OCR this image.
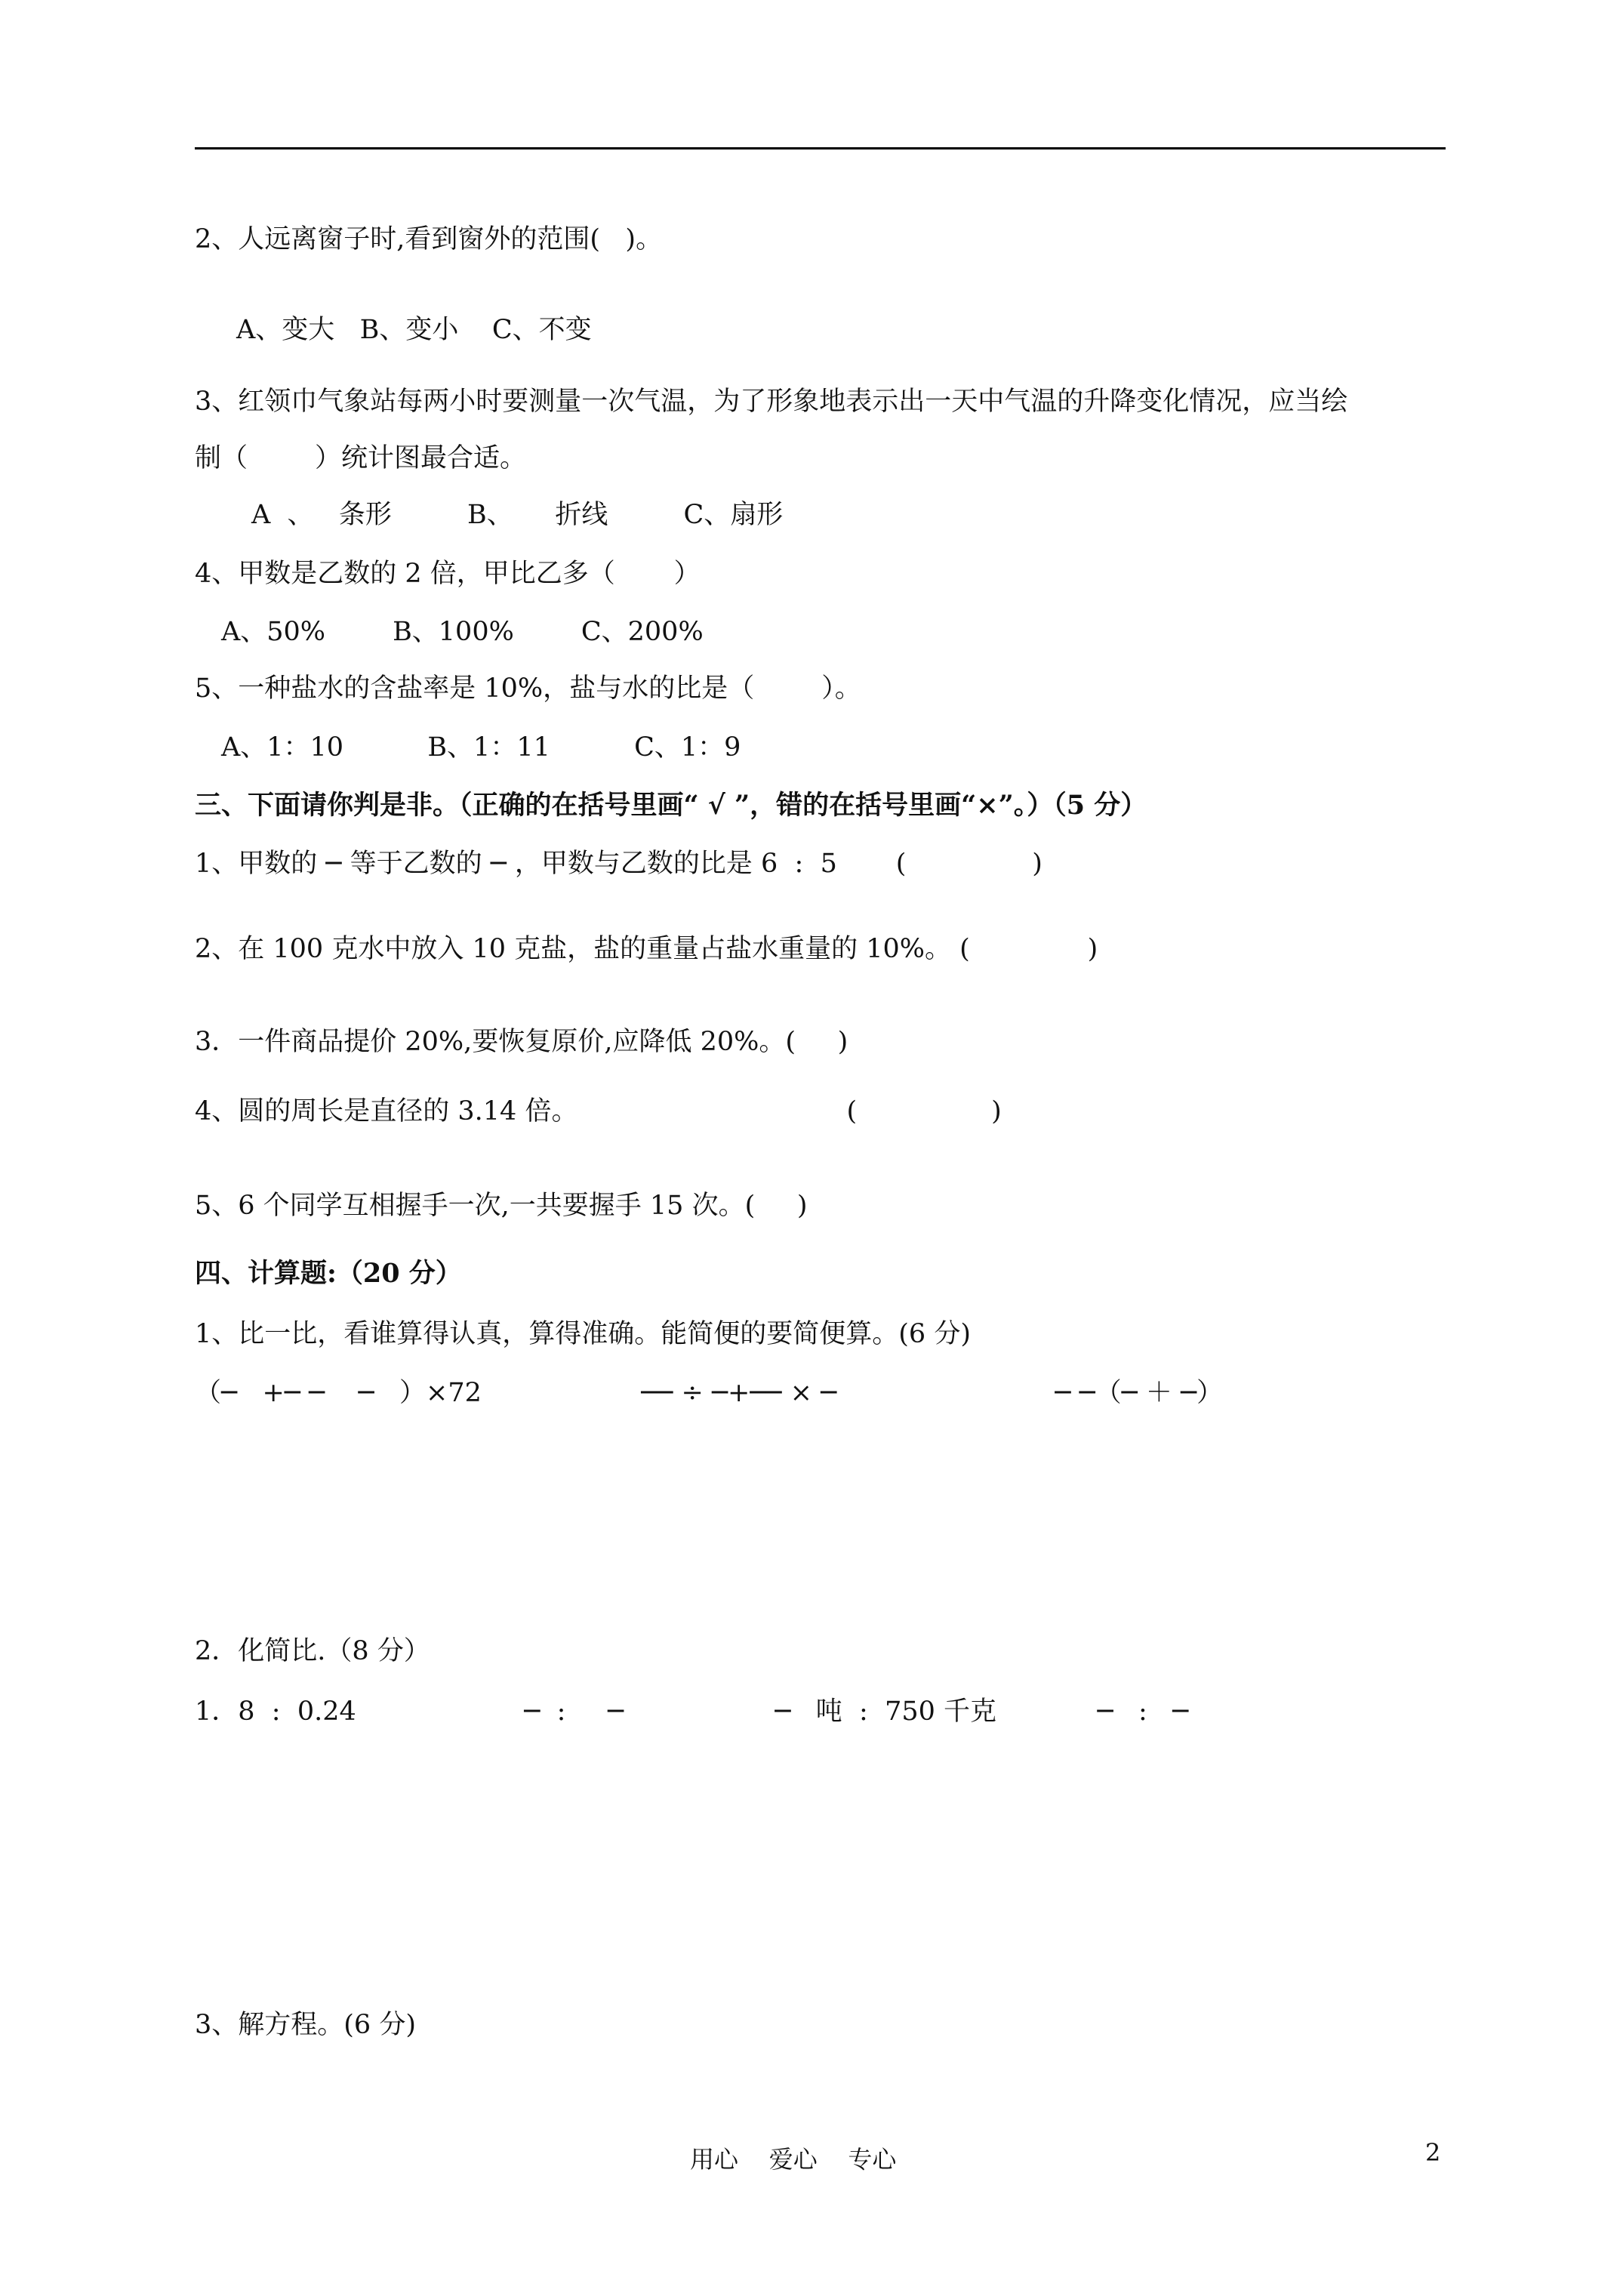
2、人远离窗子时,看到窗外的范围(   )。
A、变大   B、变小    C、不变
3、红领巾气象站每两小时要测量一次气温，为了形象地表示出一天中气温的升降变化情况，应当绘
制（        ）统计图最合适。
A  、   条形         B、     折线         C、扇形
4、甲数是乙数的 2 倍，甲比乙多（       ）
A、50%        B、100%        C、200%
5、一种盐水的含盐率是 10%，盐与水的比是（        ）。
A、1：10          B、1：11          C、1：9
三、下面请你判是非。（正确的在括号里画“ √ ”，错的在括号里画“×”。）（5 分）
1、甲数的 ─ 等于乙数的 ─ ，甲数与乙数的比是 6  :  5       (               )
2、在 100 克水中放入 10 克盐，盐的重量占盐水重量的 10%。 (              )
3．一件商品提价 20%,要恢复原价,应降低 20%。(     )
4、圆的周长是直径的 3.14 倍。                                (                )
5、6 个同学互相握手一次,一共要握手 15 次。(     )
四、计算题:（20 分）
1、比一比，看谁算得认真，算得准确。能简便的要简便算。(6 分)
（─   +─ ─    ─   ）×72                   ── ÷ ─+── × ─                          ─ ─（─ ＋ ─）
2．化简比.（8 分）
1．8  :  0.24                    ─  :     ─                  ─   吨  :  750 千克            ─   :   ─
3、解方程。(6 分)
用心    爱心    专心	2
